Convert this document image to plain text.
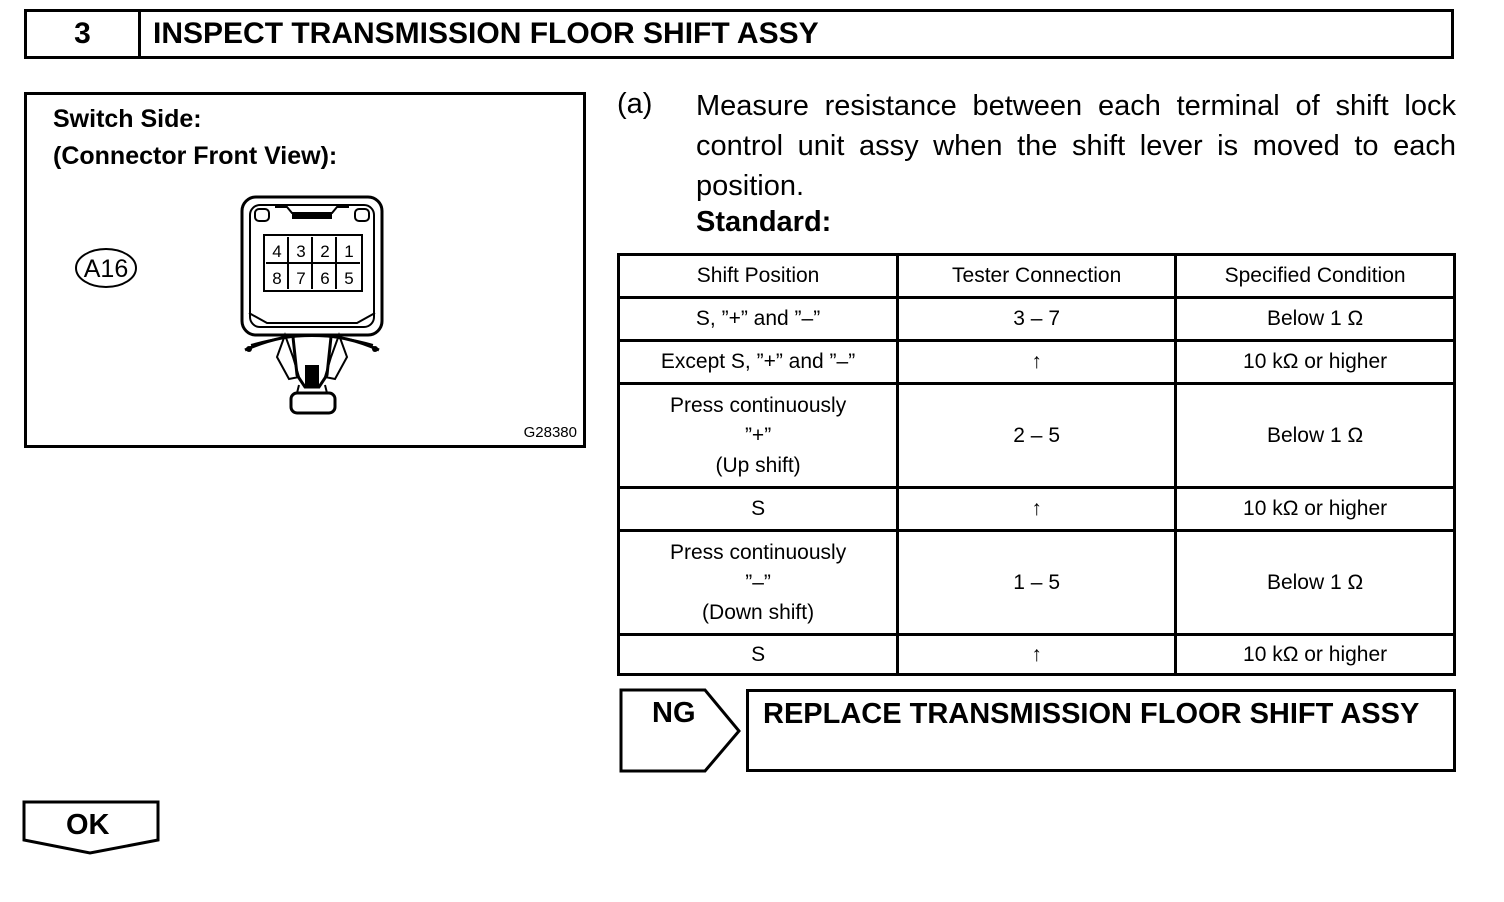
3	INSPECT TRANSMISSION FLOOR SHIFT ASSY
Switch Side:
(Connector Front View):
A16
4 3 2 1
8 7 6 5
G28380
(a) Measure resistance between each terminal of shift lock control unit assy when the shift lever is moved to each position.
Standard:
Shift Position	Tester Connection	Specified Condition

S, ”+” and ”–”	3 – 7	Below 1 Ω

Except S, ”+” and ”–”	↑	10 kΩ or higher

Press continuously
”+”
(Up shift)	2 – 5	Below 1 Ω

S	↑	10 kΩ or higher

Press continuously
”–”
(Down shift)	1 – 5	Below 1 Ω

S	↑	10 kΩ or higher
NG	REPLACE TRANSMISSION FLOOR SHIFT ASSY
OK
